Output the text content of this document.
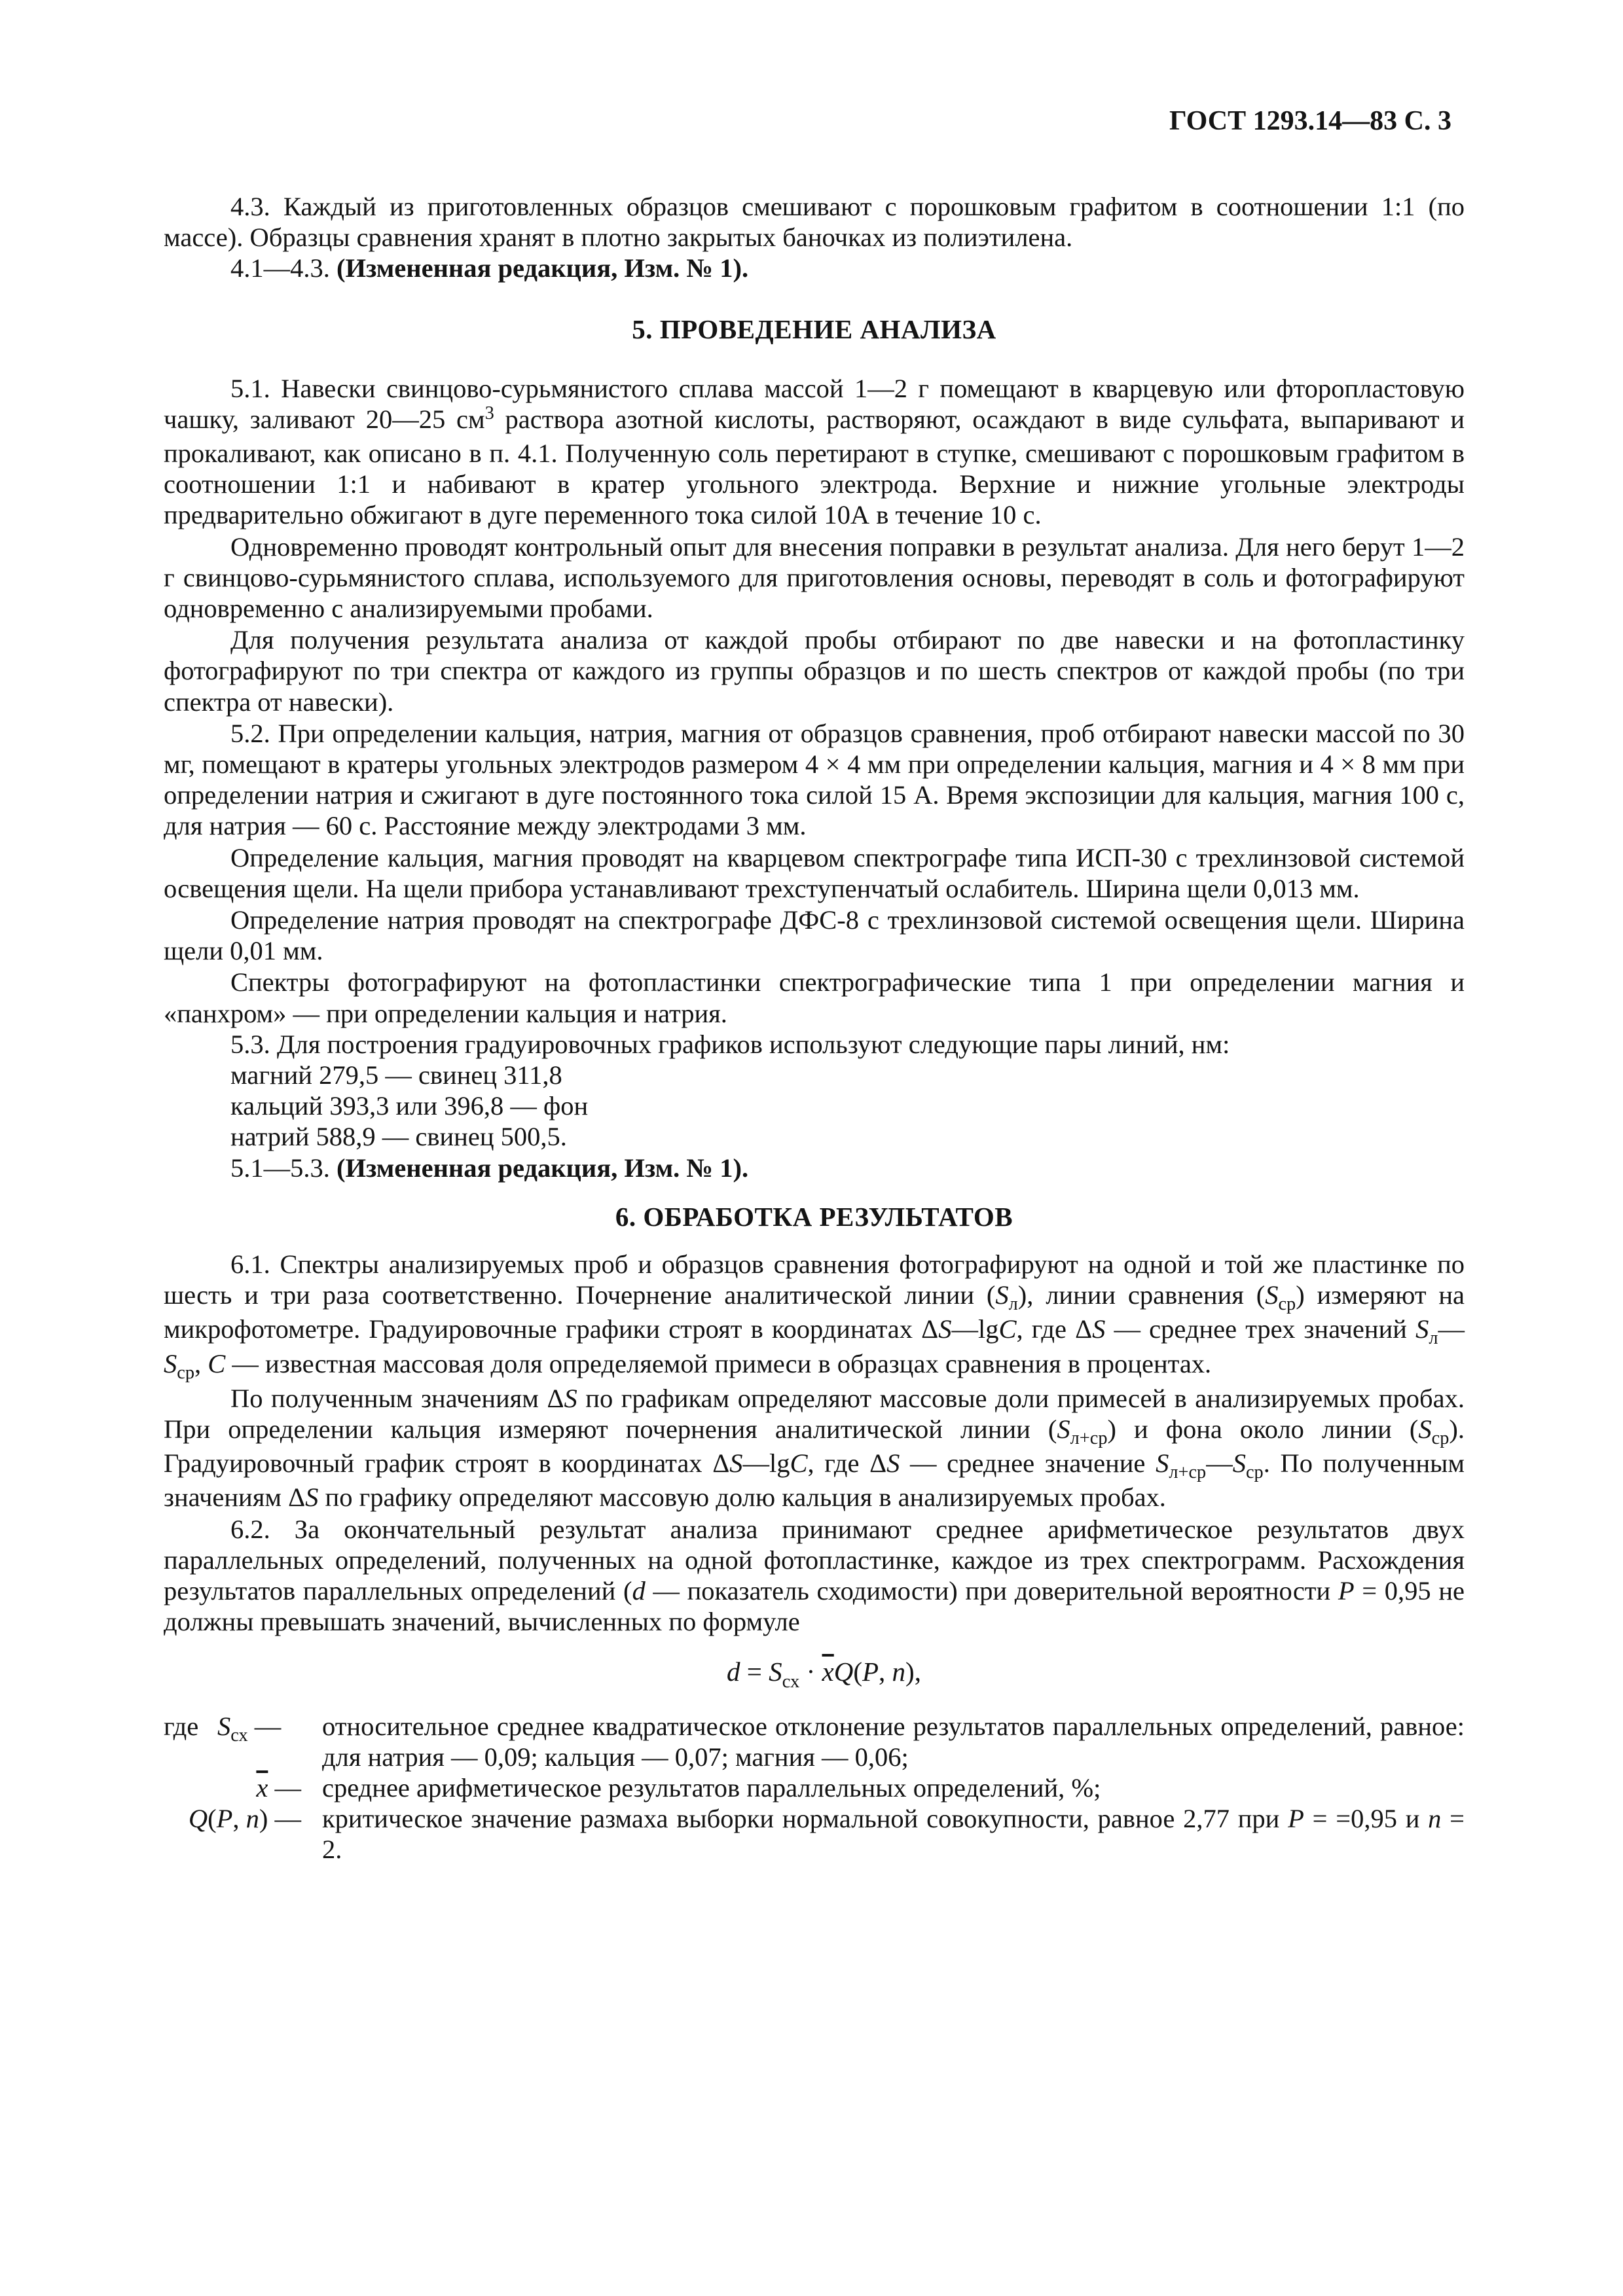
ГОСТ 1293.14—83 С. 3

4.3. Каждый из приготовленных образцов смешивают с порошковым графитом в соотношении 1:1 (по массе). Образцы сравнения хранят в плотно закрытых баночках из полиэтилена.

4.1—4.3. (Измененная редакция, Изм. № 1).

5. ПРОВЕДЕНИЕ АНАЛИЗА

5.1. Навески свинцово-сурьмянистого сплава массой 1—2 г помещают в кварцевую или фторопластовую чашку, заливают 20—25 $см^3$ раствора азотной кислоты, растворяют, осаждают в виде сульфата, выпаривают и прокаливают, как описано в п. 4.1. Полученную соль перетирают в ступке, смешивают с порошковым графитом в соотношении 1:1 и набивают в кратер угольного электрода. Верхние и нижние угольные электроды предварительно обжигают в дуге переменного тока силой 10А в течение 10 с.

Одновременно проводят контрольный опыт для внесения поправки в результат анализа. Для него берут 1—2 г свинцово-сурьмянистого сплава, используемого для приготовления основы, переводят в соль и фотографируют одновременно с анализируемыми пробами.

Для получения результата анализа от каждой пробы отбирают по две навески и на фотопластинку фотографируют по три спектра от каждого из группы образцов и по шесть спектров от каждой пробы (по три спектра от навески).

5.2. При определении кальция, натрия, магния от образцов сравнения, проб отбирают навески массой по 30 мг, помещают в кратеры угольных электродов размером 4 × 4 мм при определении кальция, магния и 4 × 8 мм при определении натрия и сжигают в дуге постоянного тока силой 15 А. Время экспозиции для кальция, магния 100 с, для натрия — 60 с. Расстояние между электродами 3 мм.

Определение кальция, магния проводят на кварцевом спектрографе типа ИСП-30 с трехлинзовой системой освещения щели. На щели прибора устанавливают трехступенчатый ослабитель. Ширина щели 0,013 мм.

Определение натрия проводят на спектрографе ДФС-8 с трехлинзовой системой освещения щели. Ширина щели 0,01 мм.

Спектры фотографируют на фотопластинки спектрографические типа 1 при определении магния и «панхром» — при определении кальция и натрия.

5.3. Для построения градуировочных графиков используют следующие пары линий, нм:

магний 279,5 — свинец 311,8
кальций 393,3 или 396,8 — фон
натрий 588,9 — свинец 500,5.

5.1—5.3. (Измененная редакция, Изм. № 1).

6. ОБРАБОТКА РЕЗУЛЬТАТОВ

6.1. Спектры анализируемых проб и образцов сравнения фотографируют на одной и той же пластинке по шесть и три раза соответственно. Почернение аналитической линии $(S_л)$, линии сравнения $(S_{ср})$ измеряют на микрофотометре. Градуировочные графики строят в координатах ΔS—lgC, где ΔS — среднее трех значений $S_л—S_{ср}$, C — известная массовая доля определяемой примеси в образцах сравнения в процентах.

По полученным значениям ΔS по графикам определяют массовые доли примесей в анализируемых пробах. При определении кальция измеряют почернения аналитической линии $(S_{л+ср})$ и фона около линии $(S_{ср})$. Градуировочный график строят в координатах ΔS—lgC, где ΔS — среднее значение $S_{л+ср}—S_{ср}$. По полученным значениям ΔS по графику определяют массовую долю кальция в анализируемых пробах.

6.2. За окончательный результат анализа принимают среднее арифметическое результатов двух параллельных определений, полученных на одной фотопластинке, каждое из трех спектрограмм. Расхождения результатов параллельных определений (d — показатель сходимости) при доверительной вероятности P = 0,95 не должны превышать значений, вычисленных по формуле

$d = S_{сх} \cdot \overline{x}Q(P$, n),
где $S_{сх}$ —	относительное среднее квадратическое отклонение результатов параллельных определений, равное: для натрия — 0,09; кальция — 0,07; магния — 0,06;
$\overline{x}$ — среднее арифметическое результатов параллельных определений, %;
Q(P, n) — критическое значение размаха выборки нормальной совокупности, равное 2,77 при P = =0,95 и n = 2.
